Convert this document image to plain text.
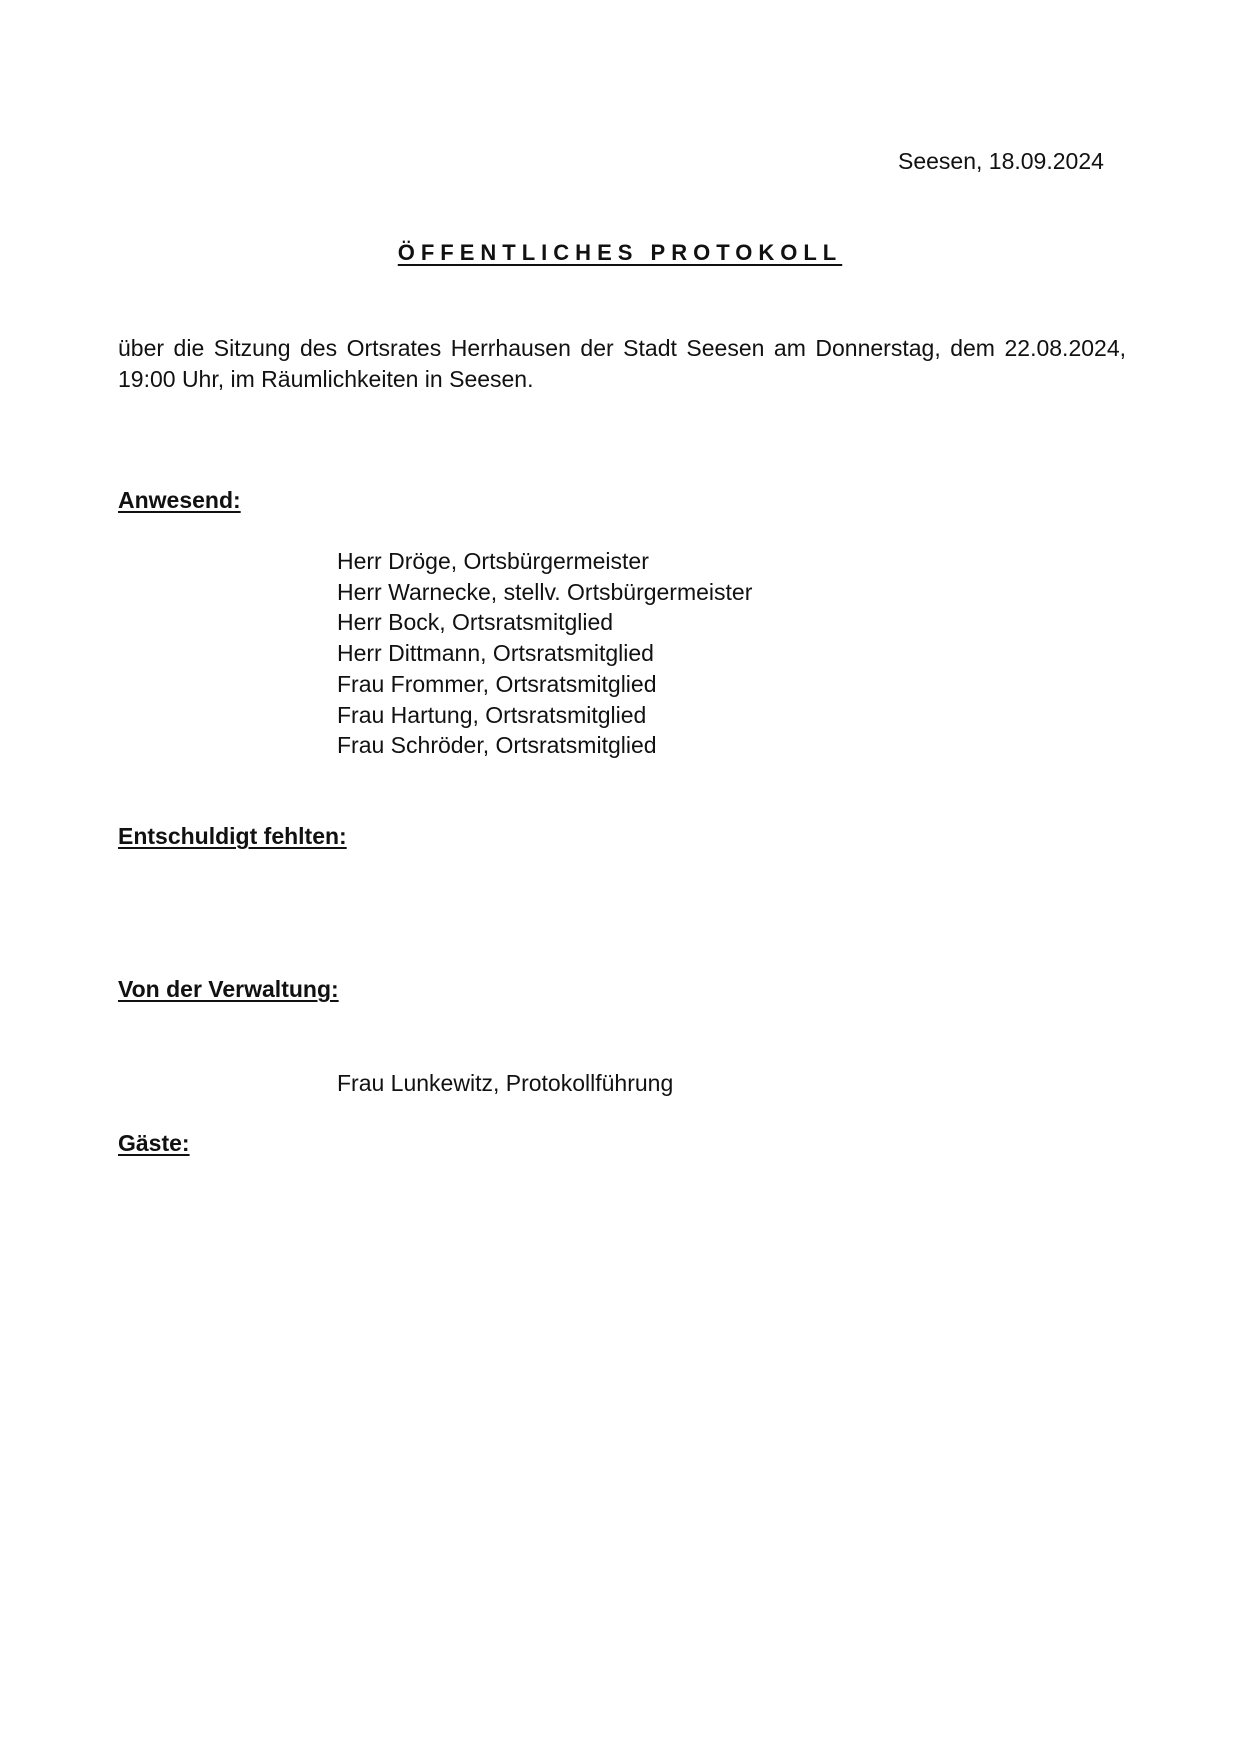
Seesen, 18.09.2024
ÖFFENTLICHES PROTOKOLL
über die Sitzung des Ortsrates Herrhausen der Stadt Seesen am Donnerstag, dem 22.08.2024, 19:00 Uhr, im Räumlichkeiten in Seesen.
Anwesend:
Herr Dröge, Ortsbürgermeister
Herr Warnecke, stellv. Ortsbürgermeister
Herr Bock, Ortsratsmitglied
Herr Dittmann, Ortsratsmitglied
Frau Frommer, Ortsratsmitglied
Frau Hartung, Ortsratsmitglied
Frau Schröder, Ortsratsmitglied
Entschuldigt fehlten:
Von der Verwaltung:
Frau Lunkewitz, Protokollführung
Gäste:
